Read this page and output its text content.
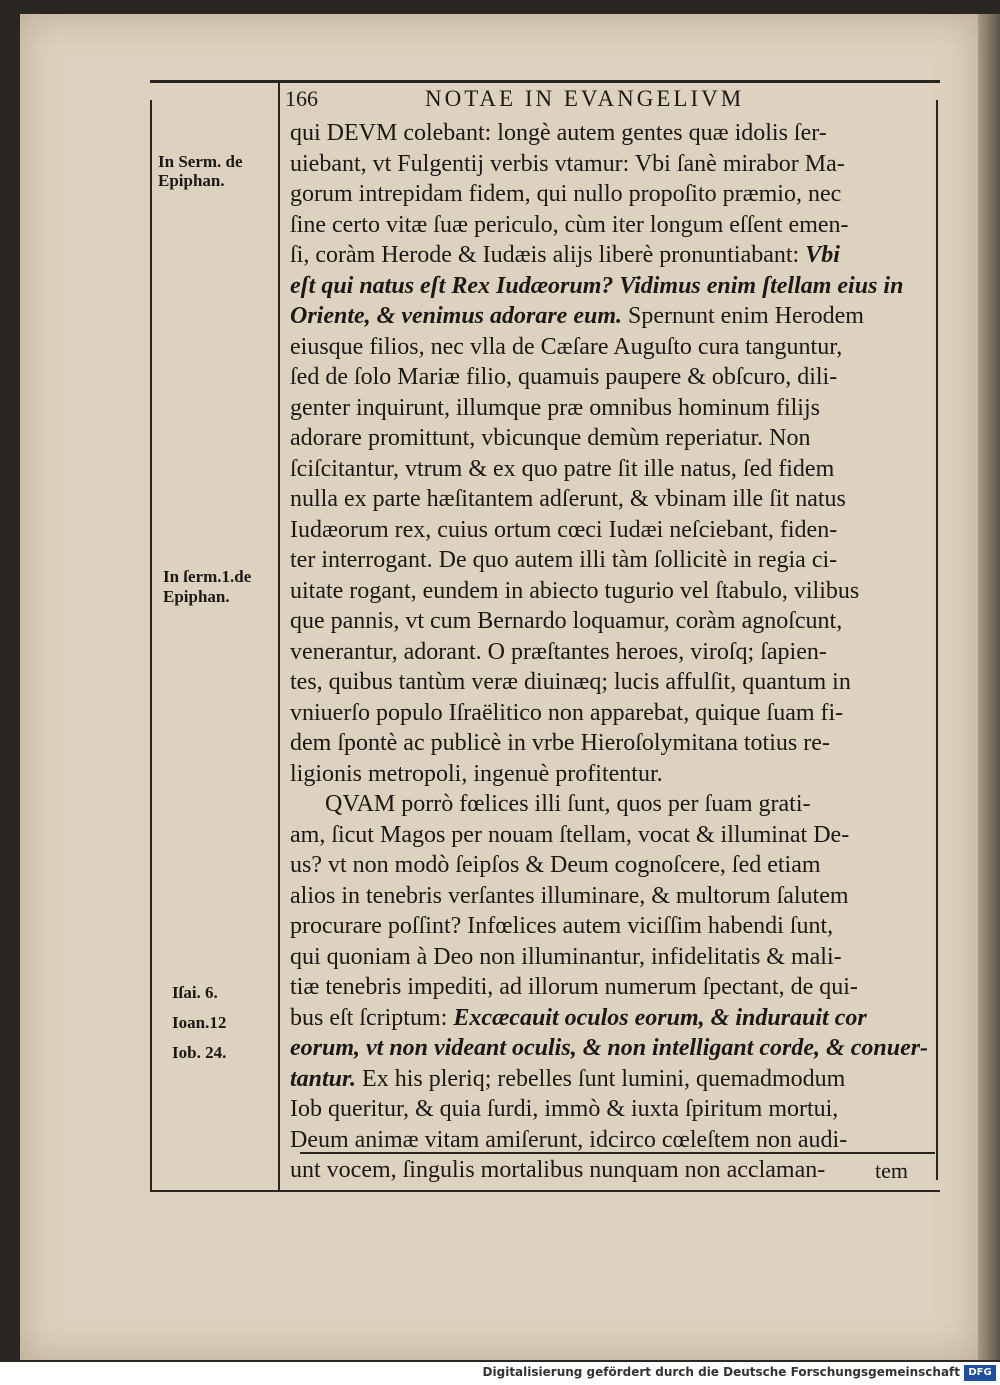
166	NOTAE IN EVANGELIVM
In Serm. de
Epiphan.
In ſerm.1.de
Epiphan.
Iſai. 6.
Ioan.12
Iob. 24.
qui DEVM colebant: longè autem gentes quæ idolis ſer-
uiebant, vt Fulgentij verbis vtamur: Vbi ſanè mirabor Ma-
gorum intrepidam fidem, qui nullo propoſito præmio, nec
ſine certo vitæ ſuæ periculo, cùm iter longum eſſent emen-
ſi, coràm Herode & Iudæis alijs liberè pronuntiabant: Vbi
eſt qui natus eſt Rex Iudæorum? Vidimus enim ſtellam eius in
Oriente, & venimus adorare eum. Spernunt enim Herodem
eiusque filios, nec vlla de Cæſare Auguſto cura tanguntur,
ſed de ſolo Mariæ filio, quamuis paupere & obſcuro, dili-
genter inquirunt, illumque præ omnibus hominum filijs
adorare promittunt, vbicunque demùm reperiatur. Non
ſciſcitantur, vtrum & ex quo patre ſit ille natus, ſed fidem
nulla ex parte hæſitantem adſerunt, & vbinam ille ſit natus
Iudæorum rex, cuius ortum cœci Iudæi neſciebant, fiden-
ter interrogant. De quo autem illi tàm ſollicitè in regia ci-
uitate rogant, eundem in abiecto tugurio vel ſtabulo, vilibus
que pannis, vt cum Bernardo loquamur, coràm agnoſcunt,
venerantur, adorant. O præſtantes heroes, viroſq; ſapien-
tes, quibus tantùm veræ diuinæq; lucis affulſit, quantum in
vniuerſo populo Iſraëlitico non apparebat, quique ſuam fi-
dem ſpontè ac publicè in vrbe Hieroſolymitana totius re-
ligionis metropoli, ingenuè profitentur.
QVAM porrò fœlices illi ſunt, quos per ſuam grati-
am, ſicut Magos per nouam ſtellam, vocat & illuminat De-
us? vt non modò ſeipſos & Deum cognoſcere, ſed etiam
alios in tenebris verſantes illuminare, & multorum ſalutem
procurare poſſint? Infœlices autem viciſſim habendi ſunt,
qui quoniam à Deo non illuminantur, infidelitatis & mali-
tiæ tenebris impediti, ad illorum numerum ſpectant, de qui-
bus eſt ſcriptum: Excæcauit oculos eorum, & indurauit cor
eorum, vt non videant oculis, & non intelligant corde, & conuer-
tantur. Ex his pleriq; rebelles ſunt lumini, quemadmodum
Iob queritur, & quia ſurdi, immò & iuxta ſpiritum mortui,
Deum animæ vitam amiſerunt, idcirco cœleſtem non audi-
unt vocem, ſingulis mortalibus nunquam non acclaman-	tem
Digitalisierung gefördert durch die Deutsche Forschungsgemeinschaft DFG
